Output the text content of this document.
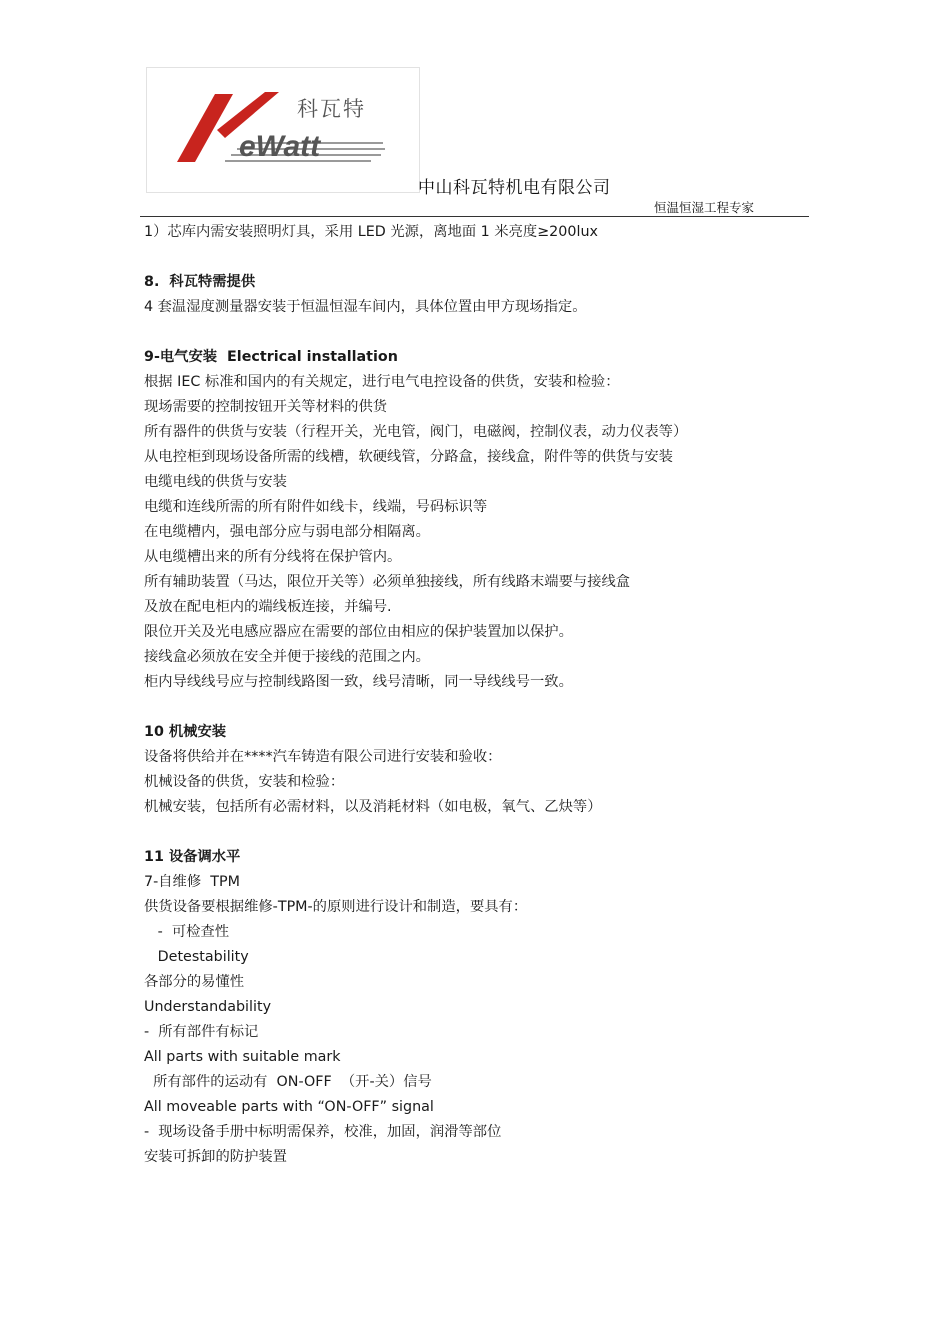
eWatt
科瓦特
中山科瓦特机电有限公司
恒温恒湿工程专家
1）芯库内需安装照明灯具，采用 LED 光源，离地面 1 米亮度≥200lux
8.  科瓦特需提供
4 套温湿度测量器安装于恒温恒湿车间内，具体位置由甲方现场指定。
9-电气安装  Electrical installation
根据 IEC 标准和国内的有关规定，进行电气电控设备的供货，安装和检验：
现场需要的控制按钮开关等材料的供货
所有器件的供货与安装（行程开关，光电管，阀门，电磁阀，控制仪表，动力仪表等）
从电控柜到现场设备所需的线槽，软硬线管，分路盒，接线盒，附件等的供货与安装
电缆电线的供货与安装
电缆和连线所需的所有附件如线卡，线端，号码标识等
在电缆槽内，强电部分应与弱电部分相隔离。
从电缆槽出来的所有分线将在保护管内。
所有辅助装置（马达，限位开关等）必须单独接线，所有线路末端要与接线盒
及放在配电柜内的端线板连接，并编号.
限位开关及光电感应器应在需要的部位由相应的保护装置加以保护。
接线盒必须放在安全并便于接线的范围之内。
柜内导线线号应与控制线路图一致，线号清晰，同一导线线号一致。
10 机械安装
设备将供给并在****汽车铸造有限公司进行安装和验收：
机械设备的供货，安装和检验：
机械安装，包括所有必需材料，以及消耗材料（如电极，氧气、乙炔等）
11 设备调水平
7-自维修  TPM
供货设备要根据维修-TPM-的原则进行设计和制造，要具有：
-  可检查性
Detestability
各部分的易懂性
Understandability
-  所有部件有标记
All parts with suitable mark
所有部件的运动有  ON-OFF  （开-关）信号
All moveable parts with “ON-OFF” signal
-  现场设备手册中标明需保养，校准，加固，润滑等部位
安装可拆卸的防护装置
